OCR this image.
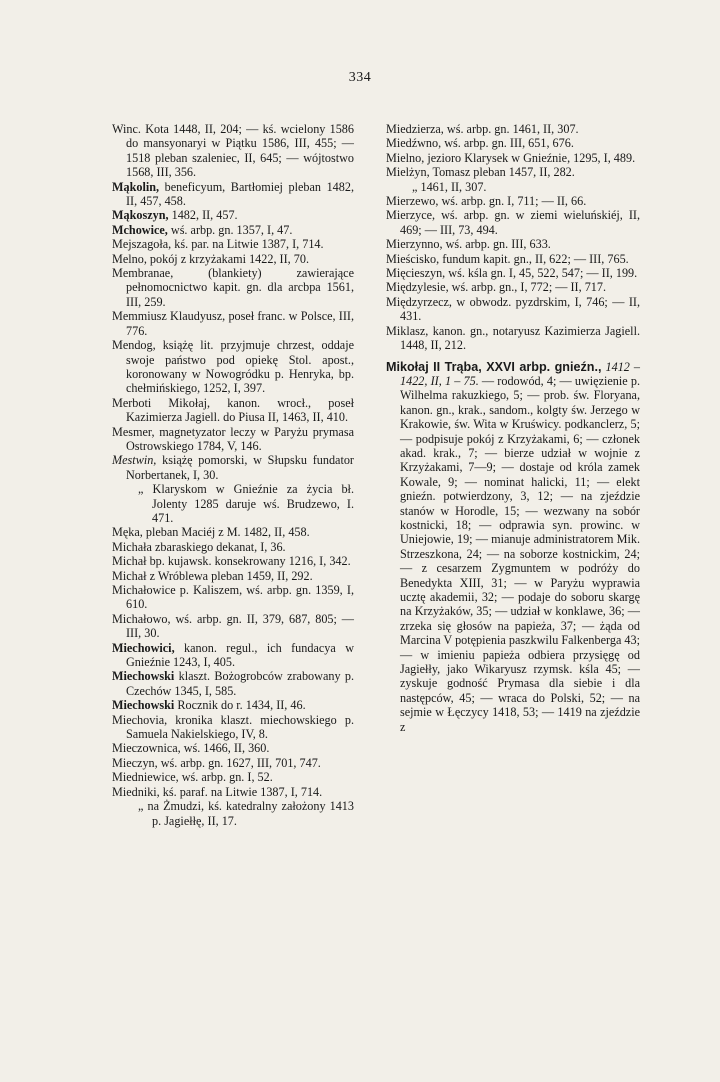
334

Winc. Kota 1448, II, 204; — kś. wcielony 1586 do mansyonaryi w Piątku 1586, III, 455; — 1518 pleban szaleniec, II, 645; — wójtostwo 1568, III, 356.

Mąkolin, beneficyum, Bartłomiej pleban 1482, II, 457, 458.

Mąkoszyn, 1482, II, 457.

Mchowice, wś. arbp. gn. 1357, I, 47.

Mejszagoła, kś. par. na Litwie 1387, I, 714.

Melno, pokój z krzyżakami 1422, II, 70.

Membranae, (blankiety) zawierające pełnomocnictwo kapit. gn. dla arcbpa 1561, III, 259.

Memmiusz Klaudyusz, poseł franc. w Polsce, III, 776.

Mendog, książę lit. przyjmuje chrzest, oddaje swoje państwo pod opiekę Stol. apost., koronowany w Nowogródku p. Henryka, bp. chełmińskiego, 1252, I, 397.

Merboti Mikołaj, kanon. wrocł., poseł Kazimierza Jagiell. do Piusa II, 1463, II, 410.

Mesmer, magnetyzator leczy w Paryżu prymasa Ostrowskiego 1784, V, 146.

Mestwin, książę pomorski, w Słupsku fundator Norbertanek, I, 30.

„ Klaryskom w Gnieźnie za życia bł. Jolenty 1285 daruje wś. Brudzewo, I. 471.

Męka, pleban Maciéj z M. 1482, II, 458.

Michała zbaraskiego dekanat, I, 36.

Michał bp. kujawsk. konsekrowany 1216, I, 342.

Michał z Wróblewa pleban 1459, II, 292.

Michałowice p. Kaliszem, wś. arbp. gn. 1359, I, 610.

Michałowo, wś. arbp. gn. II, 379, 687, 805; — III, 30.

Miechowici, kanon. regul., ich fundacya w Gnieźnie 1243, I, 405.

Miechowski klaszt. Bożogrobców zrabowany p. Czechów 1345, I, 585.

Miechowski Rocznik do r. 1434, II, 46.

Miechovia, kronika klaszt. miechowskiego p. Samuela Nakielskiego, IV, 8.

Mieczownica, wś. 1466, II, 360.

Mieczyn, wś. arbp. gn. 1627, III, 701, 747.

Miedniewice, wś. arbp. gn. I, 52.

Miedniki, kś. paraf. na Litwie 1387, I, 714.

„ na Żmudzi, kś. katedralny założony 1413 p. Jagiełłę, II, 17.

Miedzierza, wś. arbp. gn. 1461, II, 307.

Miedźwno, wś. arbp. gn. III, 651, 676.

Mielno, jezioro Klarysek w Gnieźnie, 1295, I, 489.

Mielżyn, Tomasz pleban 1457, II, 282.

„ 1461, II, 307.

Mierzewo, wś. arbp. gn. I, 711; — II, 66.

Mierzyce, wś. arbp. gn. w ziemi wieluńskiéj, II, 469; — III, 73, 494.

Mierzynno, wś. arbp. gn. III, 633.

Mieścisko, fundum kapit. gn., II, 622; — III, 765.

Mięcieszyn, wś. kśla gn. I, 45, 522, 547; — II, 199.

Międzylesie, wś. arbp. gn., I, 772; — II, 717.

Międzyrzecz, w obwodz. pyzdrskim, I, 746; — II, 431.

Miklasz, kanon. gn., notaryusz Kazimierza Jagiell. 1448, II, 212.

Mikołaj II Trąba, XXVI arbp. gnieźn., 1412 – 1422, II, 1 – 75. — rodowód, 4; — uwięzienie p. Wilhelma rakuzkiego, 5; — prob. św. Floryana, kanon. gn., krak., sandom., kolgty św. Jerzego w Krakowie, św. Wita w Kruświcy. podkanclerz, 5; — podpisuje pokój z Krzyżakami, 6; — członek akad. krak., 7; — bierze udział w wojnie z Krzyżakami, 7—9; — dostaje od króla zamek Kowale, 9; — nominat halicki, 11; — elekt gnieźn. potwierdzony, 3, 12; — na zjeździe stanów w Horodle, 15; — wezwany na sobór kostnicki, 18; — odprawia syn. prowinc. w Uniejowie, 19; — mianuje administratorem Mik. Strzeszkona, 24; — na soborze kostnickim, 24; — z cesarzem Zygmuntem w podróży do Benedykta XIII, 31; — w Paryżu wyprawia ucztę akademii, 32; — podaje do soboru skargę na Krzyżaków, 35; — udział w konklawe, 36; — zrzeka się głosów na papieża, 37; — żąda od Marcina V potępienia paszkwilu Falkenberga 43; — w imieniu papieża odbiera przysięgę od Jagiełły, jako Wikaryusz rzymsk. kśla 45; — zyskuje godność Prymasa dla siebie i dla następców, 45; — wraca do Polski, 52; — na sejmie w Łęczycy 1418, 53; — 1419 na zjeździe z
